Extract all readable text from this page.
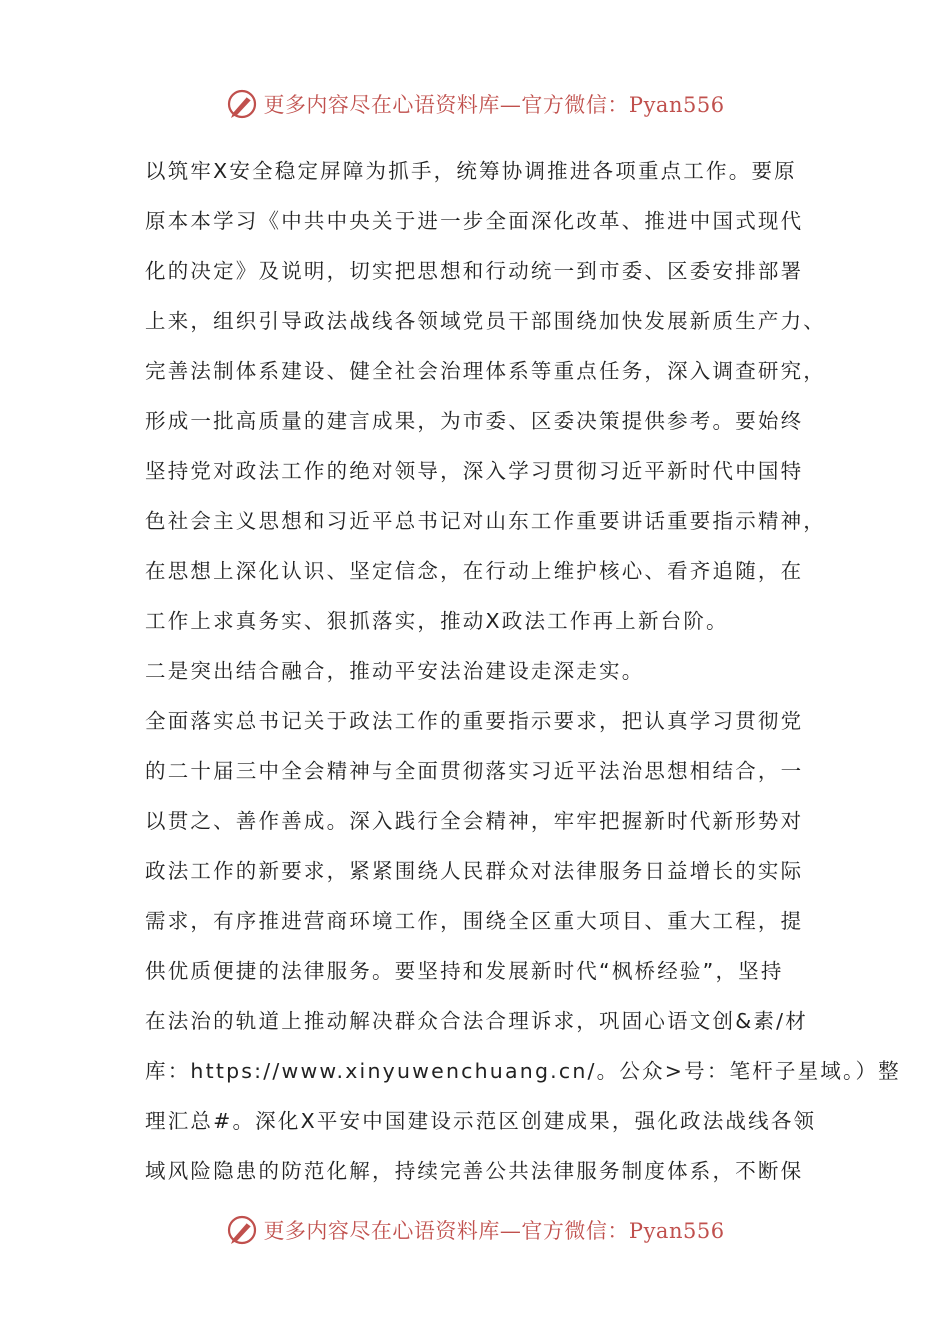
更多内容尽在心语资料库—官方微信：Pyan556
以筑牢X安全稳定屏障为抓手，统筹协调推进各项重点工作。要原
原本本学习《中共中央关于进一步全面深化改革、推进中国式现代
化的决定》及说明，切实把思想和行动统一到市委、区委安排部署
上来，组织引导政法战线各领域党员干部围绕加快发展新质生产力、
完善法制体系建设、健全社会治理体系等重点任务，深入调查研究，
形成一批高质量的建言成果，为市委、区委决策提供参考。要始终
坚持党对政法工作的绝对领导，深入学习贯彻习近平新时代中国特
色社会主义思想和习近平总书记对山东工作重要讲话重要指示精神，
在思想上深化认识、坚定信念，在行动上维护核心、看齐追随，在
工作上求真务实、狠抓落实，推动X政法工作再上新台阶。
二是突出结合融合，推动平安法治建设走深走实。
全面落实总书记关于政法工作的重要指示要求，把认真学习贯彻党
的二十届三中全会精神与全面贯彻落实习近平法治思想相结合，一
以贯之、善作善成。深入践行全会精神，牢牢把握新时代新形势对
政法工作的新要求，紧紧围绕人民群众对法律服务日益增长的实际
需求，有序推进营商环境工作，围绕全区重大项目、重大工程，提
供优质便捷的法律服务。要坚持和发展新时代“枫桥经验”，坚持
在法治的轨道上推动解决群众合法合理诉求，巩固心语文创&素/材
库：https://www.xinyuwenchuang.cn/。公众>号：笔杆子星域。）整
理汇总#。深化X平安中国建设示范区创建成果，强化政法战线各领
域风险隐患的防范化解，持续完善公共法律服务制度体系，不断保
更多内容尽在心语资料库—官方微信：Pyan556
